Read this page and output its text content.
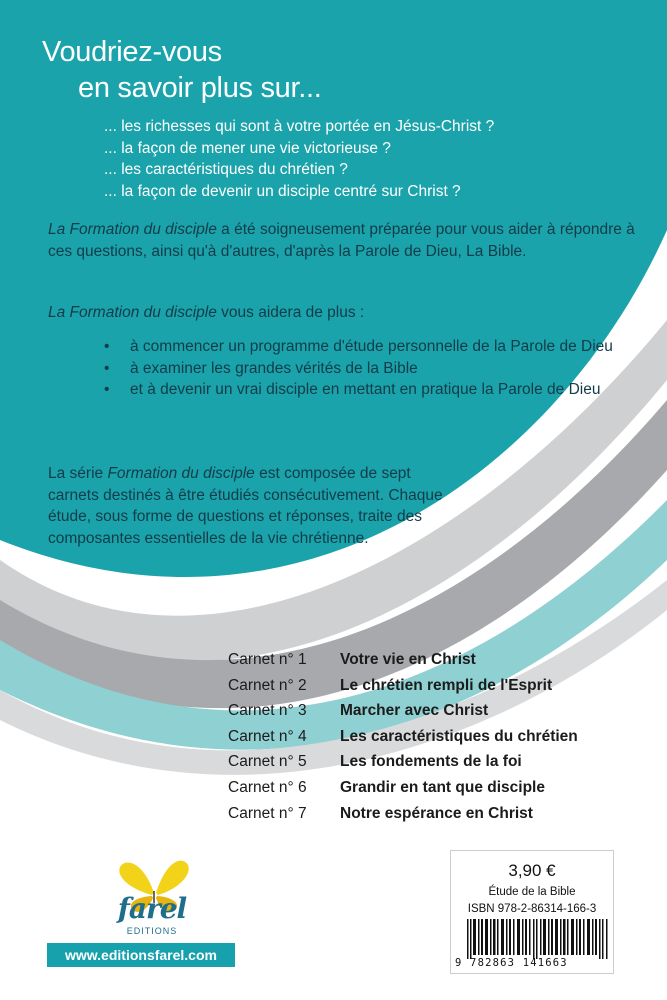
Voudriez-vous
en savoir plus sur...
... les richesses qui sont à votre portée en Jésus-Christ ?
... la façon de mener une vie victorieuse ?
... les caractéristiques du chrétien ?
... la façon de devenir un disciple centré sur Christ ?

La Formation du disciple a été soigneusement préparée pour vous aider à répondre à ces questions, ainsi qu'à d'autres, d'après la Parole de Dieu, La Bible.

La Formation du disciple vous aidera de plus :

• à commencer un programme d'étude personnelle de la Parole de Dieu
• à examiner les grandes vérités de la Bible
• et à devenir un vrai disciple en mettant en pratique la Parole de Dieu

La série Formation du disciple est composée de sept carnets destinés à être étudiés consécutivement. Chaque étude, sous forme de questions et réponses, traite des composantes essentielles de la vie chrétienne.

Carnet n° 1	Votre vie en Christ
Carnet n° 2	Le chrétien rempli de l'Esprit
Carnet n° 3	Marcher avec Christ
Carnet n° 4	Les caractéristiques du chrétien
Carnet n° 5	Les fondements de la foi
Carnet n° 6	Grandir en tant que disciple
Carnet n° 7	Notre espérance en Christ
farel
EDITIONS
www.editionsfarel.com
3,90 €
Étude de la Bible
ISBN 978-2-86314-166-3
9 782863 141663
